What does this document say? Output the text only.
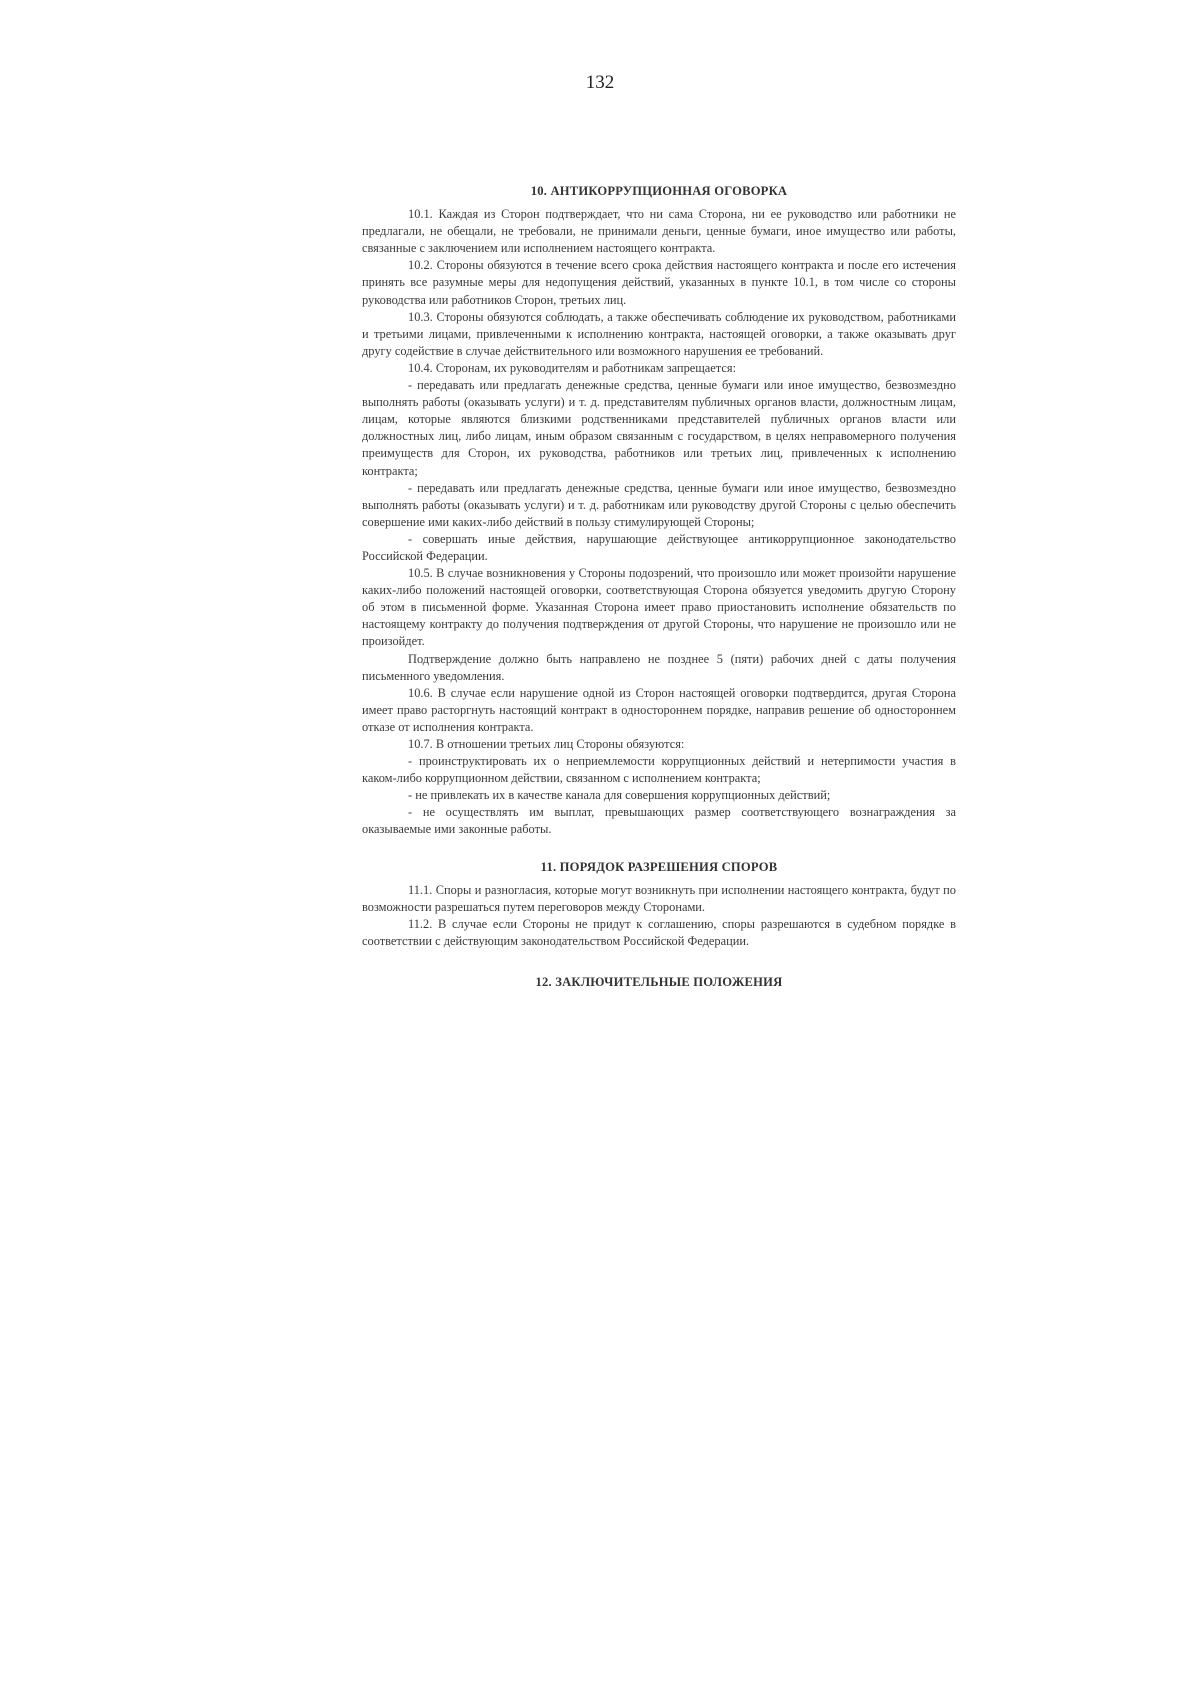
132
10. АНТИКОРРУПЦИОННАЯ ОГОВОРКА

10.1. Каждая из Сторон подтверждает, что ни сама Сторона, ни ее руководство или работники не предлагали, не обещали, не требовали, не принимали деньги, ценные бумаги, иное имущество или работы, связанные с заключением или исполнением настоящего контракта.

10.2. Стороны обязуются в течение всего срока действия настоящего контракта и после его истечения принять все разумные меры для недопущения действий, указанных в пункте 10.1, в том числе со стороны руководства или работников Сторон, третьих лиц.

10.3. Стороны обязуются соблюдать, а также обеспечивать соблюдение их руководством, работниками и третьими лицами, привлеченными к исполнению контракта, настоящей оговорки, а также оказывать друг другу содействие в случае действительного или возможного нарушения ее требований.

10.4. Сторонам, их руководителям и работникам запрещается:

- передавать или предлагать денежные средства, ценные бумаги или иное имущество, безвозмездно выполнять работы (оказывать услуги) и т. д. представителям публичных органов власти, должностным лицам, лицам, которые являются близкими родственниками представителей публичных органов власти или должностных лиц, либо лицам, иным образом связанным с государством, в целях неправомерного получения преимуществ для Сторон, их руководства, работников или третьих лиц, привлеченных к исполнению контракта;

- передавать или предлагать денежные средства, ценные бумаги или иное имущество, безвозмездно выполнять работы (оказывать услуги) и т. д. работникам или руководству другой Стороны с целью обеспечить совершение ими каких-либо действий в пользу стимулирующей Стороны;

- совершать иные действия, нарушающие действующее антикоррупционное законодательство Российской Федерации.

10.5. В случае возникновения у Стороны подозрений, что произошло или может произойти нарушение каких-либо положений настоящей оговорки, соответствующая Сторона обязуется уведомить другую Сторону об этом в письменной форме. Указанная Сторона имеет право приостановить исполнение обязательств по настоящему контракту до получения подтверждения от другой Стороны, что нарушение не произошло или не произойдет.

Подтверждение должно быть направлено не позднее 5 (пяти) рабочих дней с даты получения письменного уведомления.

10.6. В случае если нарушение одной из Сторон настоящей оговорки подтвердится, другая Сторона имеет право расторгнуть настоящий контракт в одностороннем порядке, направив решение об одностороннем отказе от исполнения контракта.

10.7. В отношении третьих лиц Стороны обязуются:

- проинструктировать их о неприемлемости коррупционных действий и нетерпимости участия в каком-либо коррупционном действии, связанном с исполнением контракта;

- не привлекать их в качестве канала для совершения коррупционных действий;

- не осуществлять им выплат, превышающих размер соответствующего вознаграждения за оказываемые ими законные работы.

11. ПОРЯДОК РАЗРЕШЕНИЯ СПОРОВ

11.1. Споры и разногласия, которые могут возникнуть при исполнении настоящего контракта, будут по возможности разрешаться путем переговоров между Сторонами.

11.2. В случае если Стороны не придут к соглашению, споры разрешаются в судебном порядке в соответствии с действующим законодательством Российской Федерации.

12. ЗАКЛЮЧИТЕЛЬНЫЕ ПОЛОЖЕНИЯ
